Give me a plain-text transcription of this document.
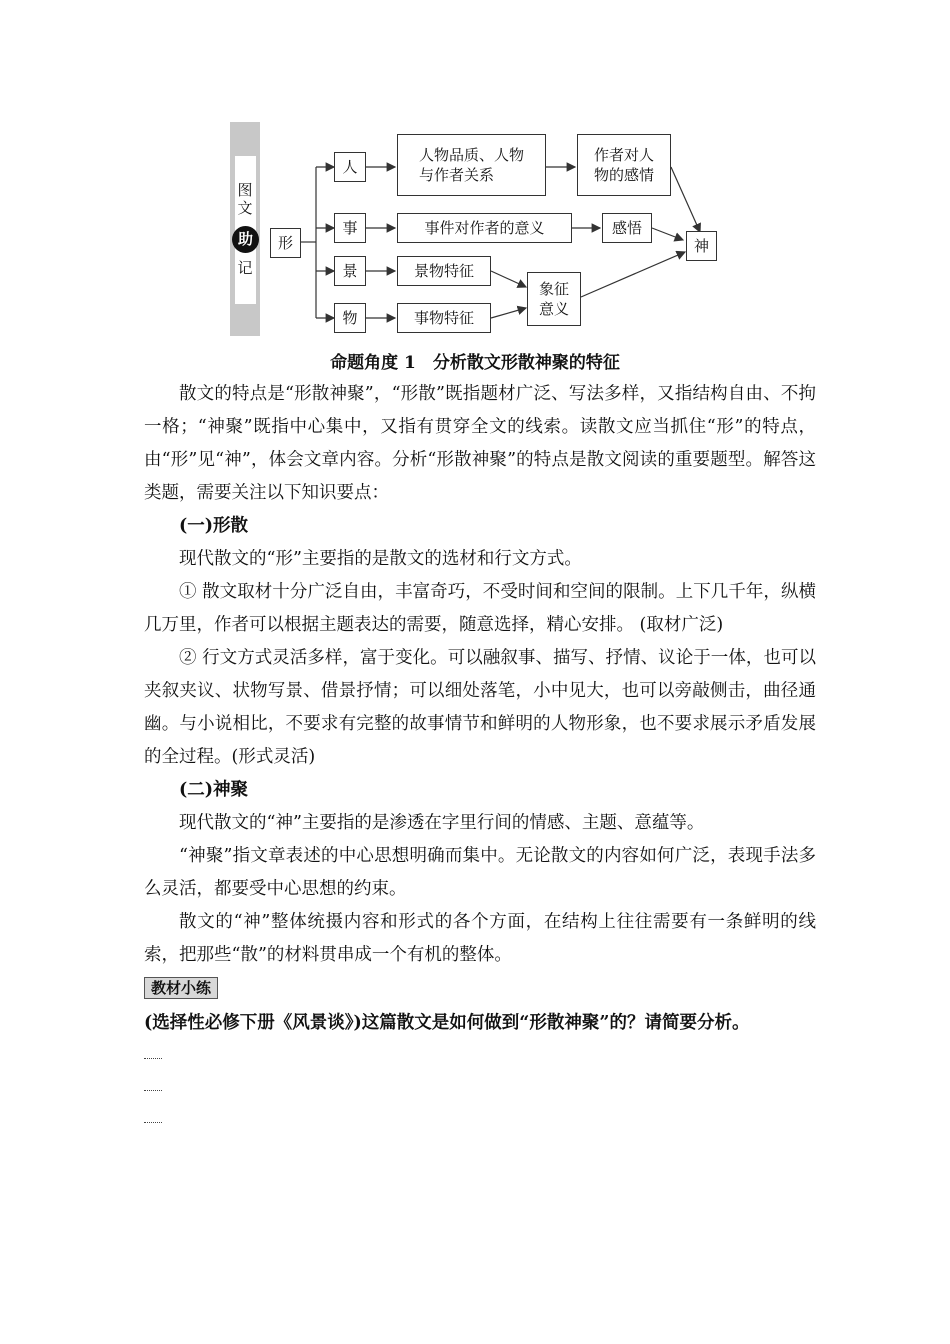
图
文
助
记
形
人
事
景
物
人物品质、人物
与作者关系
作者对人
物的感情
事件对作者的意义	感悟
景物特征
事物特征
象征
意义
神
命题角度 1　分析散文形散神聚的特征

散文的特点是“形散神聚”，“形散”既指题材广泛、写法多样，又指结构自由、不拘一格；“神聚”既指中心集中，又指有贯穿全文的线索。读散文应当抓住“形”的特点，由“形”见“神”，体会文章内容。分析“形散神聚”的特点是散文阅读的重要题型。解答这类题，需要关注以下知识要点：

(一)形散

现代散文的“形”主要指的是散文的选材和行文方式。

① 散文取材十分广泛自由，丰富奇巧，不受时间和空间的限制。上下几千年，纵横几万里，作者可以根据主题表达的需要，随意选择，精心安排。 (取材广泛)

② 行文方式灵活多样，富于变化。可以融叙事、描写、抒情、议论于一体，也可以夹叙夹议、状物写景、借景抒情；可以细处落笔，小中见大，也可以旁敲侧击，曲径通幽。与小说相比，不要求有完整的故事情节和鲜明的人物形象，也不要求展示矛盾发展的全过程。(形式灵活)

(二)神聚

现代散文的“神”主要指的是渗透在字里行间的情感、主题、意蕴等。

“神聚”指文章表述的中心思想明确而集中。无论散文的内容如何广泛，表现手法多么灵活，都要受中心思想的约束。

散文的“神”整体统摄内容和形式的各个方面，在结构上往往需要有一条鲜明的线索，把那些“散”的材料贯串成一个有机的整体。

教材小练

(选择性必修下册《风景谈》)这篇散文是如何做到“形散神聚”的？请简要分析。
